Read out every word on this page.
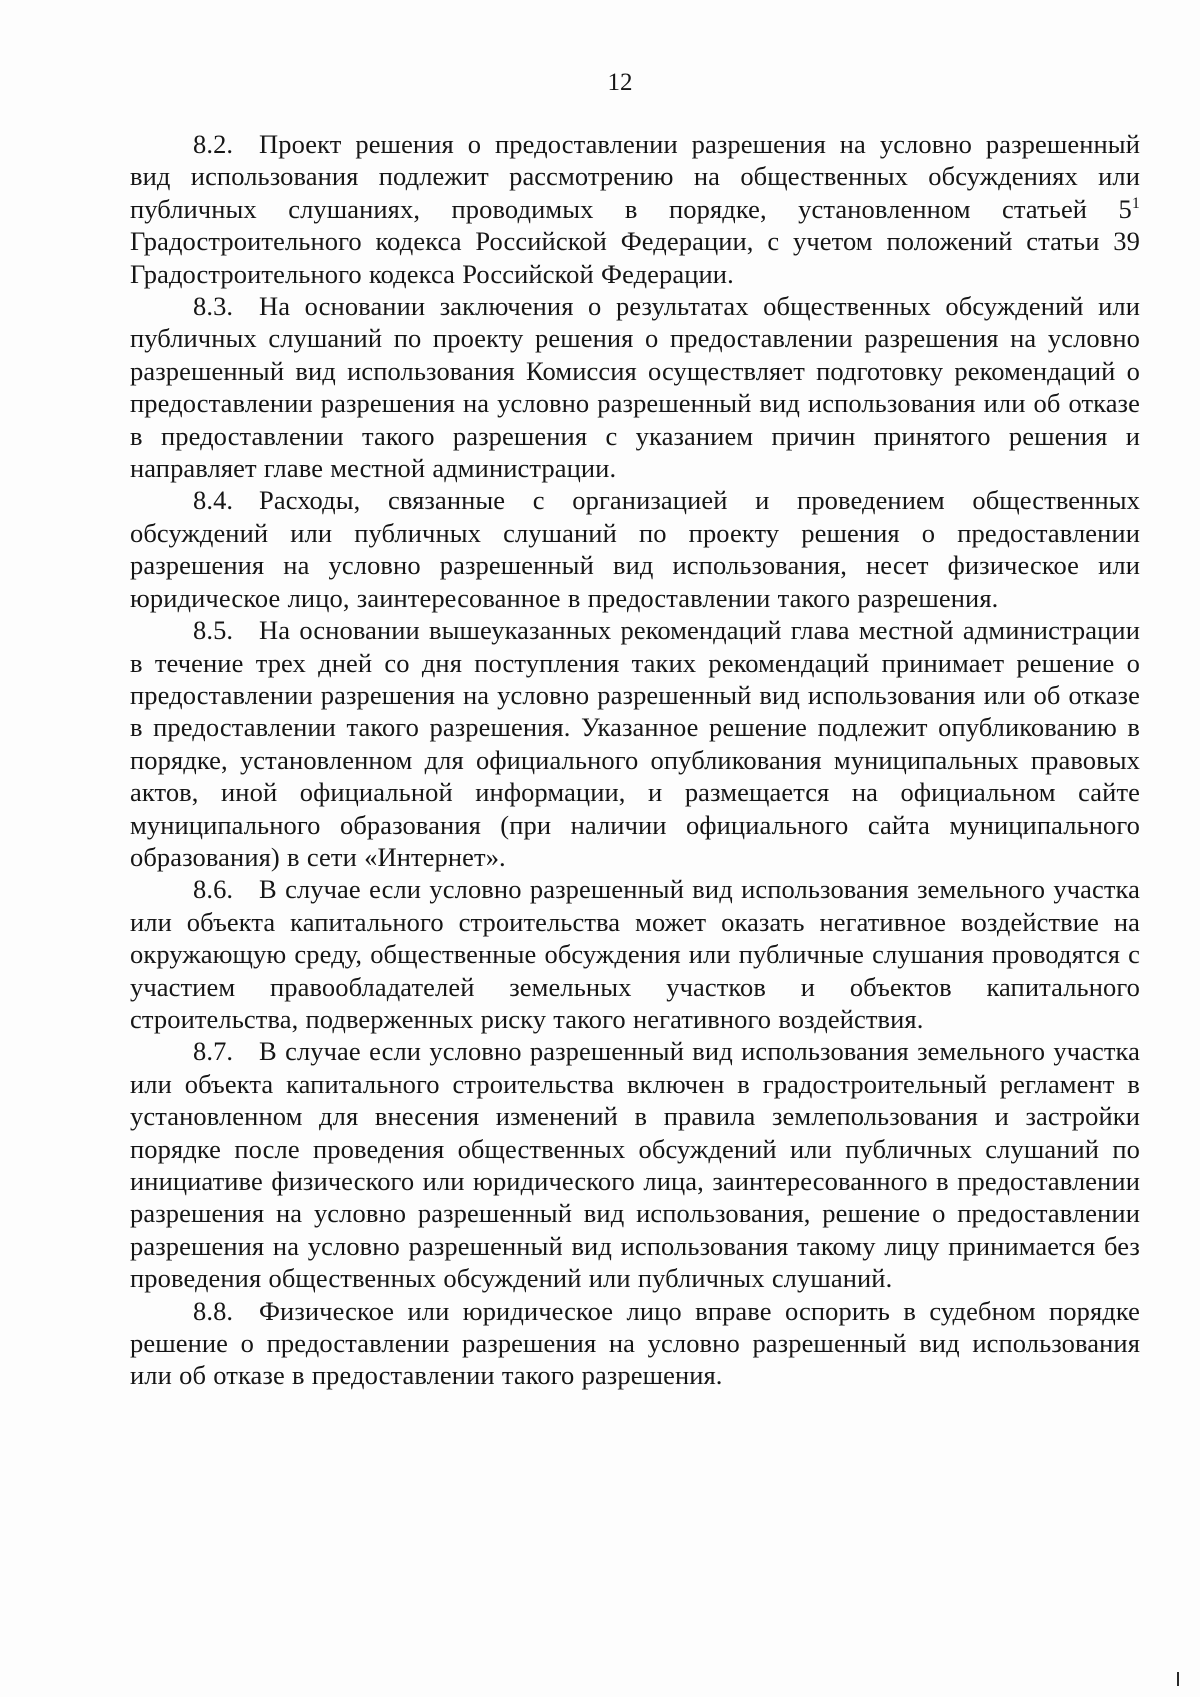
12

8.2. Проект решения о предоставлении разрешения на условно разрешенный вид использования подлежит рассмотрению на общественных обсуждениях или публичных слушаниях, проводимых в порядке, установленном статьей $5^1$ Градостроительного кодекса Российской Федерации, с учетом положений статьи 39 Градостроительного кодекса Российской Федерации.

8.3. На основании заключения о результатах общественных обсуждений или публичных слушаний по проекту решения о предоставлении разрешения на условно разрешенный вид использования Комиссия осуществляет подготовку рекомендаций о предоставлении разрешения на условно разрешенный вид использования или об отказе в предоставлении такого разрешения с указанием причин принятого решения и направляет главе местной администрации.

8.4. Расходы, связанные с организацией и проведением общественных обсуждений или публичных слушаний по проекту решения о предоставлении разрешения на условно разрешенный вид использования, несет физическое или юридическое лицо, заинтересованное в предоставлении такого разрешения.

8.5. На основании вышеуказанных рекомендаций глава местной администрации в течение трех дней со дня поступления таких рекомендаций принимает решение о предоставлении разрешения на условно разрешенный вид использования или об отказе в предоставлении такого разрешения. Указанное решение подлежит опубликованию в порядке, установленном для официального опубликования муниципальных правовых актов, иной официальной информации, и размещается на официальном сайте муниципального образования (при наличии официального сайта муниципального образования) в сети «Интернет».

8.6. В случае если условно разрешенный вид использования земельного участка или объекта капитального строительства может оказать негативное воздействие на окружающую среду, общественные обсуждения или публичные слушания проводятся с участием правообладателей земельных участков и объектов капитального строительства, подверженных риску такого негативного воздействия.

8.7. В случае если условно разрешенный вид использования земельного участка или объекта капитального строительства включен в градостроительный регламент в установленном для внесения изменений в правила землепользования и застройки порядке после проведения общественных обсуждений или публичных слушаний по инициативе физического или юридического лица, заинтересованного в предоставлении разрешения на условно разрешенный вид использования, решение о предоставлении разрешения на условно разрешенный вид использования такому лицу принимается без проведения общественных обсуждений или публичных слушаний.

8.8. Физическое или юридическое лицо вправе оспорить в судебном порядке решение о предоставлении разрешения на условно разрешенный вид использования или об отказе в предоставлении такого разрешения.
